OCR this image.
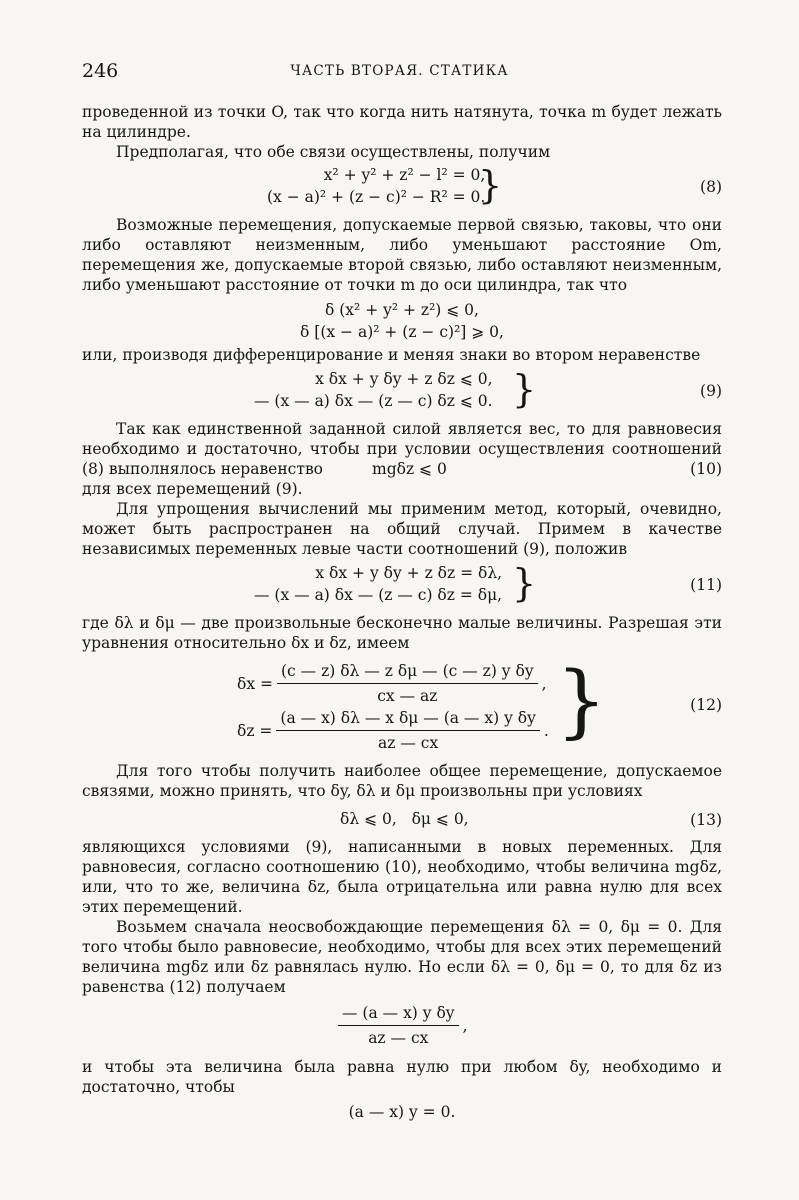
246	ЧАСТЬ ВТОРАЯ. СТАТИКА

проведенной из точки O, так что когда нить натянута, точка m будет лежать на цилиндре.

Предполагая, что обе связи осуществлены, получим

x² + y² + z² − l² = 0,
(x − a)² + (z − c)² − R² = 0.
}	(8)

Возможные перемещения, допускаемые первой связью, таковы, что они либо оставляют неизменным, либо уменьшают расстояние Om, перемещения же, допускаемые второй связью, либо оставляют неизменным, либо уменьшают расстояние от точки m до оси цилиндра, так что

δ (x² + y² + z²) ⩽ 0,
δ [(x − a)² + (z − c)²] ⩾ 0,

или, производя дифференцирование и меняя знаки во втором неравенстве

x δx + y δy + z δz ⩽ 0,
— (x — a) δx — (z — c) δz ⩽ 0. }	(9)

Так как единственной заданной силой является вес, то для равновесия необходимо и достаточно, чтобы при условии осуществления соотношений (8) выполнялось неравенство	mgδz ⩽ 0	(10)

для всех перемещений (9).

Для упрощения вычислений мы применим метод, который, очевидно, может быть распространен на общий случай. Примем в качестве независимых переменных левые части соотношений (9), положив

x δx + y δy + z δz = δλ,
— (x — a) δx — (z — c) δz = δμ, }	(11)

где δλ и δμ — две произвольные бесконечно малые величины. Разрешая эти уравнения относительно δx и δz, имеем

$\delta x = \frac{\text{(c — z) δλ — z δμ — (c — z) y δy}}{cx — az}$ ,
$\delta z = \frac{\text{(a — x) δλ — x δμ — (a — x) y δy}}{az — cx}$ . }	(12)

Для того чтобы получить наиболее общее перемещение, допускаемое связями, можно принять, что δy, δλ и δμ произвольны при условиях

δλ ⩽ 0,   δμ ⩽ 0,	(13)

являющихся условиями (9), написанными в новых переменных. Для равновесия, согласно соотношению (10), необходимо, чтобы величина mgδz, или, что то же, величина δz, была отрицательна или равна нулю для всех этих перемещений.

Возьмем сначала неосвобождающие перемещения δλ = 0, δμ = 0. Для того чтобы было равновесие, необходимо, чтобы для всех этих перемещений величина mgδz или δz равнялась нулю. Но если δλ = 0, δμ = 0, то для δz из равенства (12) получаем

$\frac{\text{— (a — x) y δy}}{az — cx}$ ,

и чтобы эта величина была равна нулю при любом δy, необходимо и достаточно, чтобы

(a — x) y = 0.
